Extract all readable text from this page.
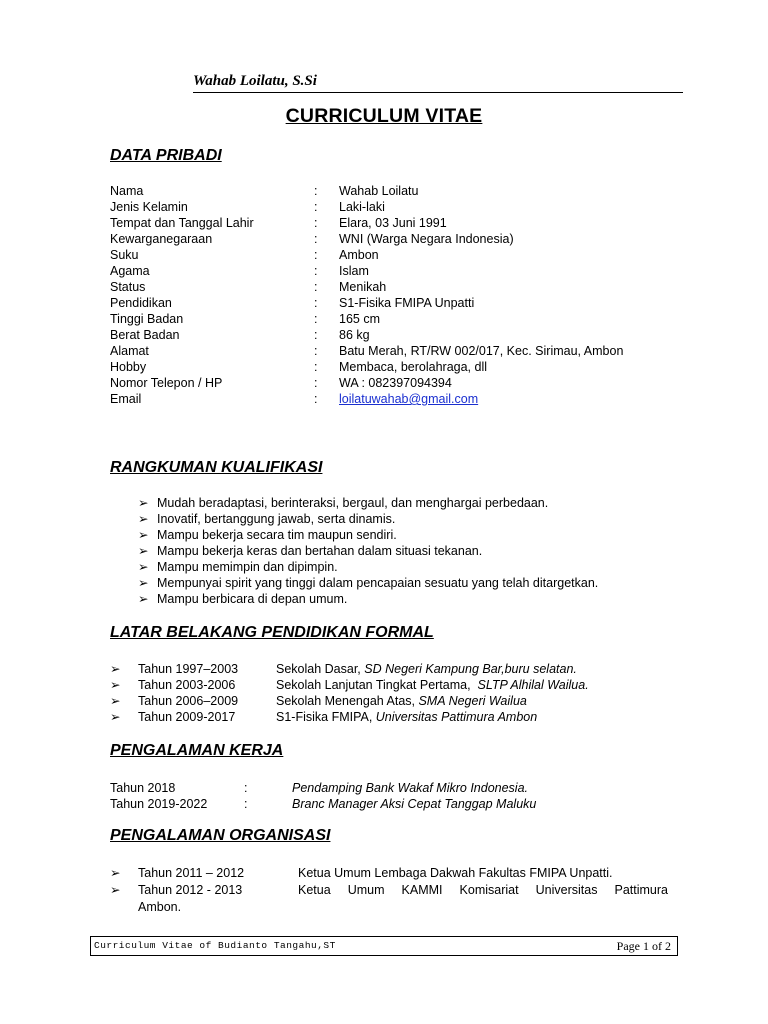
Wahab Loilatu, S.Si
CURRICULUM VITAE
DATA PRIBADI
Nama	: Wahab Loilatu
Jenis Kelamin	: Laki-laki
Tempat dan Tanggal Lahir	: Elara, 03 Juni 1991
Kewarganegaraan	: WNI (Warga Negara Indonesia)
Suku	: Ambon
Agama	: Islam
Status	: Menikah
Pendidikan	: S1-Fisika FMIPA Unpatti
Tinggi Badan	: 165 cm
Berat Badan	: 86 kg
Alamat	: Batu Merah, RT/RW 002/017, Kec. Sirimau, Ambon
Hobby	: Membaca, berolahraga, dll
Nomor Telepon / HP	: WA : 082397094394
Email	: loilatuwahab@gmail.com
RANGKUMAN KUALIFIKASI
➢ Mudah beradaptasi, berinteraksi, bergaul, dan menghargai perbedaan.
➢ Inovatif, bertanggung jawab, serta dinamis.
➢ Mampu bekerja secara tim maupun sendiri.
➢ Mampu bekerja keras dan bertahan dalam situasi tekanan.
➢ Mampu memimpin dan dipimpin.
➢ Mempunyai spirit yang tinggi dalam pencapaian sesuatu yang telah ditargetkan.
➢ Mampu berbicara di depan umum.
LATAR BELAKANG PENDIDIKAN FORMAL
➢ Tahun 1997–2003	Sekolah Dasar, SD Negeri Kampung Bar,buru selatan.
➢ Tahun 2003-2006	Sekolah Lanjutan Tingkat Pertama,  SLTP Alhilal Wailua.
➢ Tahun 2006–2009	Sekolah Menengah Atas, SMA Negeri Wailua
➢ Tahun 2009-2017	S1-Fisika FMIPA, Universitas Pattimura Ambon
PENGALAMAN KERJA
Tahun 2018	:	Pendamping Bank Wakaf Mikro Indonesia.
Tahun 2019-2022	:	Branc Manager Aksi Cepat Tanggap Maluku
PENGALAMAN ORGANISASI
➢ Tahun 2011 – 2012	Ketua Umum Lembaga Dakwah Fakultas FMIPA Unpatti.
➢ Tahun 2012 - 2013	Ketua Umum KAMMI Komisariat Universitas Pattimura
Ambon.
Curriculum Vitae of Budianto Tangahu,ST	Page 1 of 2
